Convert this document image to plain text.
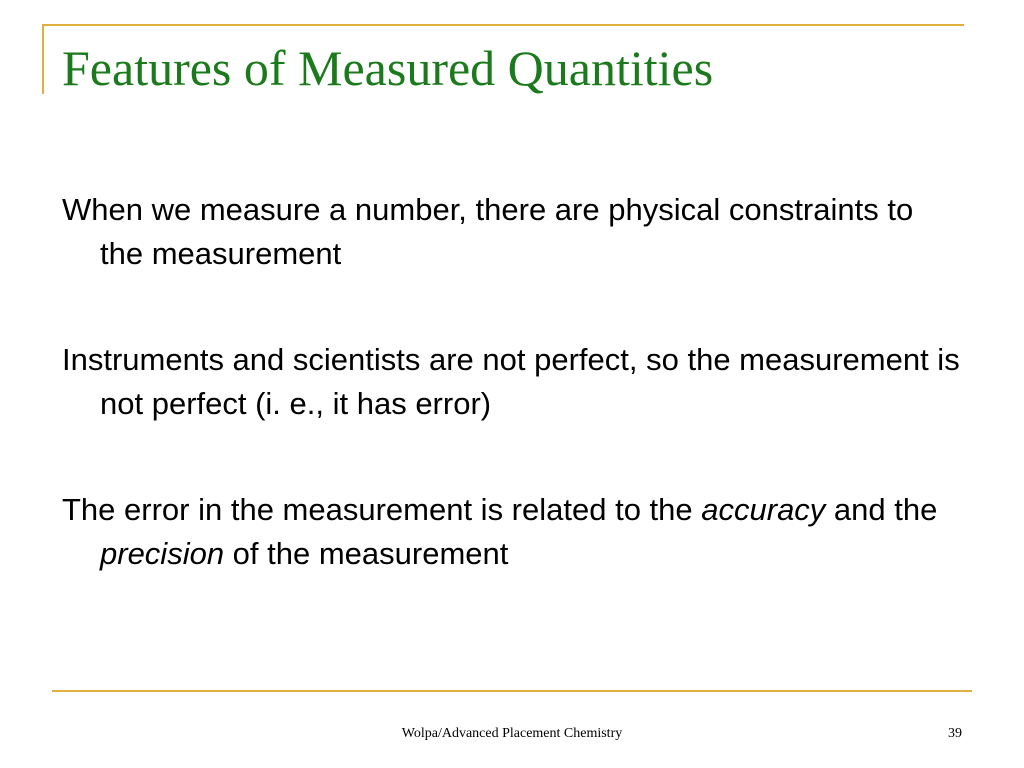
Features of Measured Quantities

When we measure a number, there are physical constraints to the measurement

Instruments and scientists are not perfect, so the measurement is not perfect (i. e., it has error)

The error in the measurement is related to the accuracy and the precision of the measurement

Wolpa/Advanced Placement Chemistry	39
